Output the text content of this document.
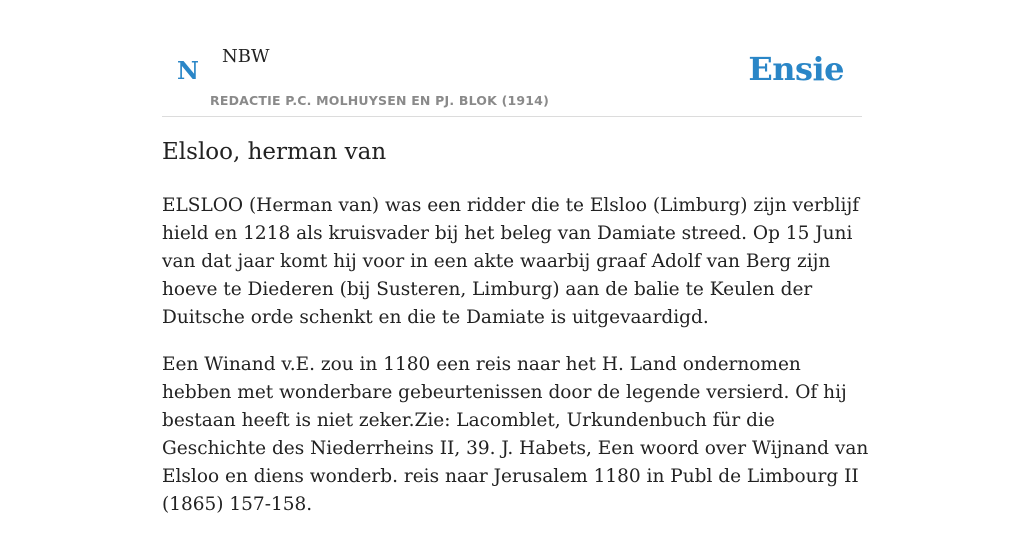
N NBW	Ensie
REDACTIE P.C. MOLHUYSEN EN PJ. BLOK (1914)
Elsloo, herman van

ELSLOO (Herman van) was een ridder die te Elsloo (Limburg) zijn verblijf hield en 1218 als kruisvader bij het beleg van Damiate streed. Op 15 Juni van dat jaar komt hij voor in een akte waarbij graaf Adolf van Berg zijn hoeve te Diederen (bij Susteren, Limburg) aan de balie te Keulen der Duitsche orde schenkt en die te Damiate is uitgevaardigd.

Een Winand v.E. zou in 1180 een reis naar het H. Land ondernomen hebben met wonderbare gebeurtenissen door de legende versierd. Of hij bestaan heeft is niet zeker.Zie: Lacomblet, Urkundenbuch für die Geschichte des Niederrheins II, 39. J. Habets, Een woord over Wijnand van Elsloo en diens wonderb. reis naar Jerusalem 1180 in Publ de Limbourg II (1865) 157-158.
